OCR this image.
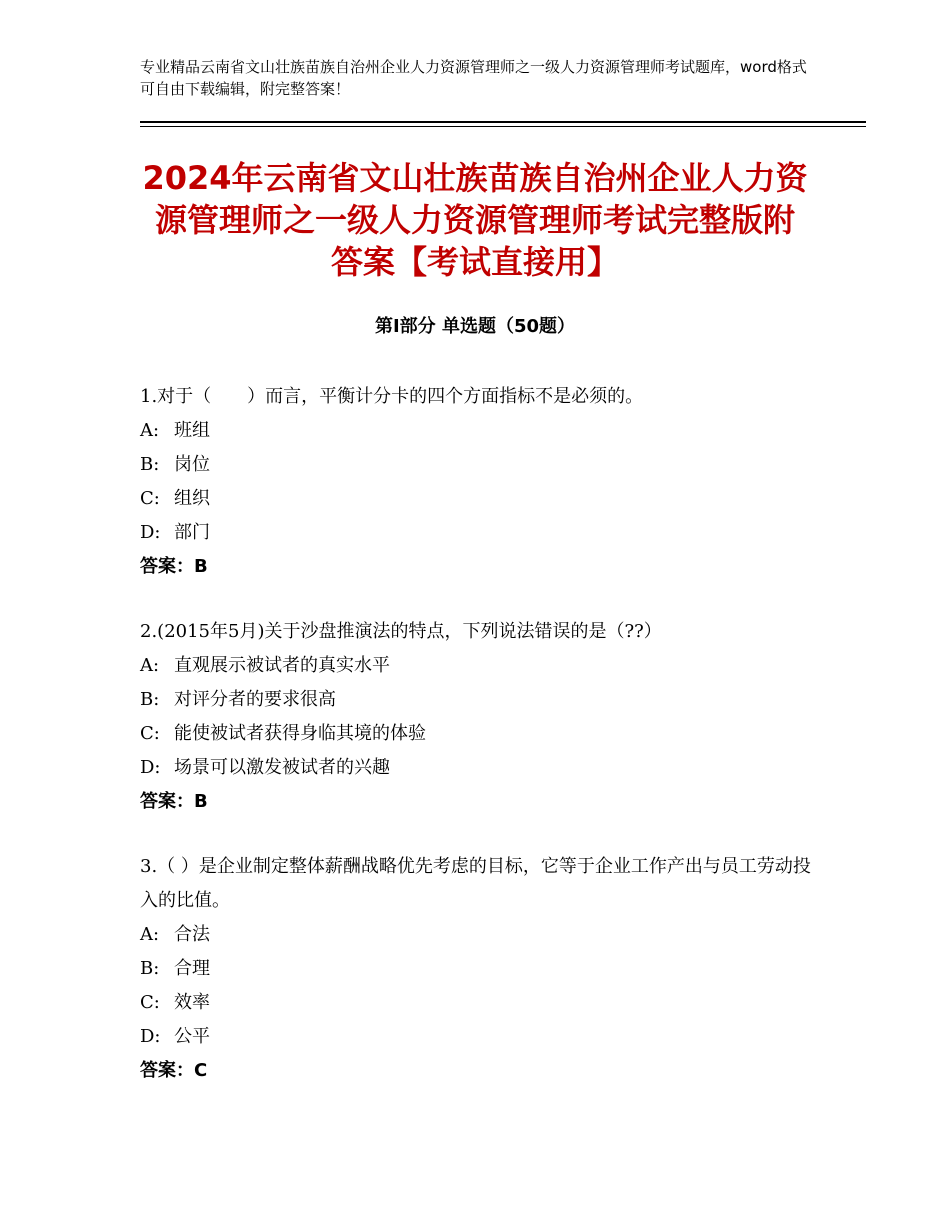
专业精品云南省文山壮族苗族自治州企业人力资源管理师之一级人力资源管理师考试题库，word格式可自由下载编辑，附完整答案！
2024年云南省文山壮族苗族自治州企业人力资源管理师之一级人力资源管理师考试完整版附答案【考试直接用】
第Ⅰ部分 单选题（50题）

1.对于（　　）而言，平衡计分卡的四个方面指标不是必须的。

A: 班组

B: 岗位

C: 组织

D: 部门

答案：B

2.(2015年5月)关于沙盘推演法的特点，下列说法错误的是（??）

A: 直观展示被试者的真实水平

B: 对评分者的要求很高

C: 能使被试者获得身临其境的体验

D: 场景可以激发被试者的兴趣

答案：B

3.（ ）是企业制定整体薪酬战略优先考虑的目标，它等于企业工作产出与员工劳动投入的比值。

A: 合法

B: 合理

C: 效率

D: 公平

答案：C
